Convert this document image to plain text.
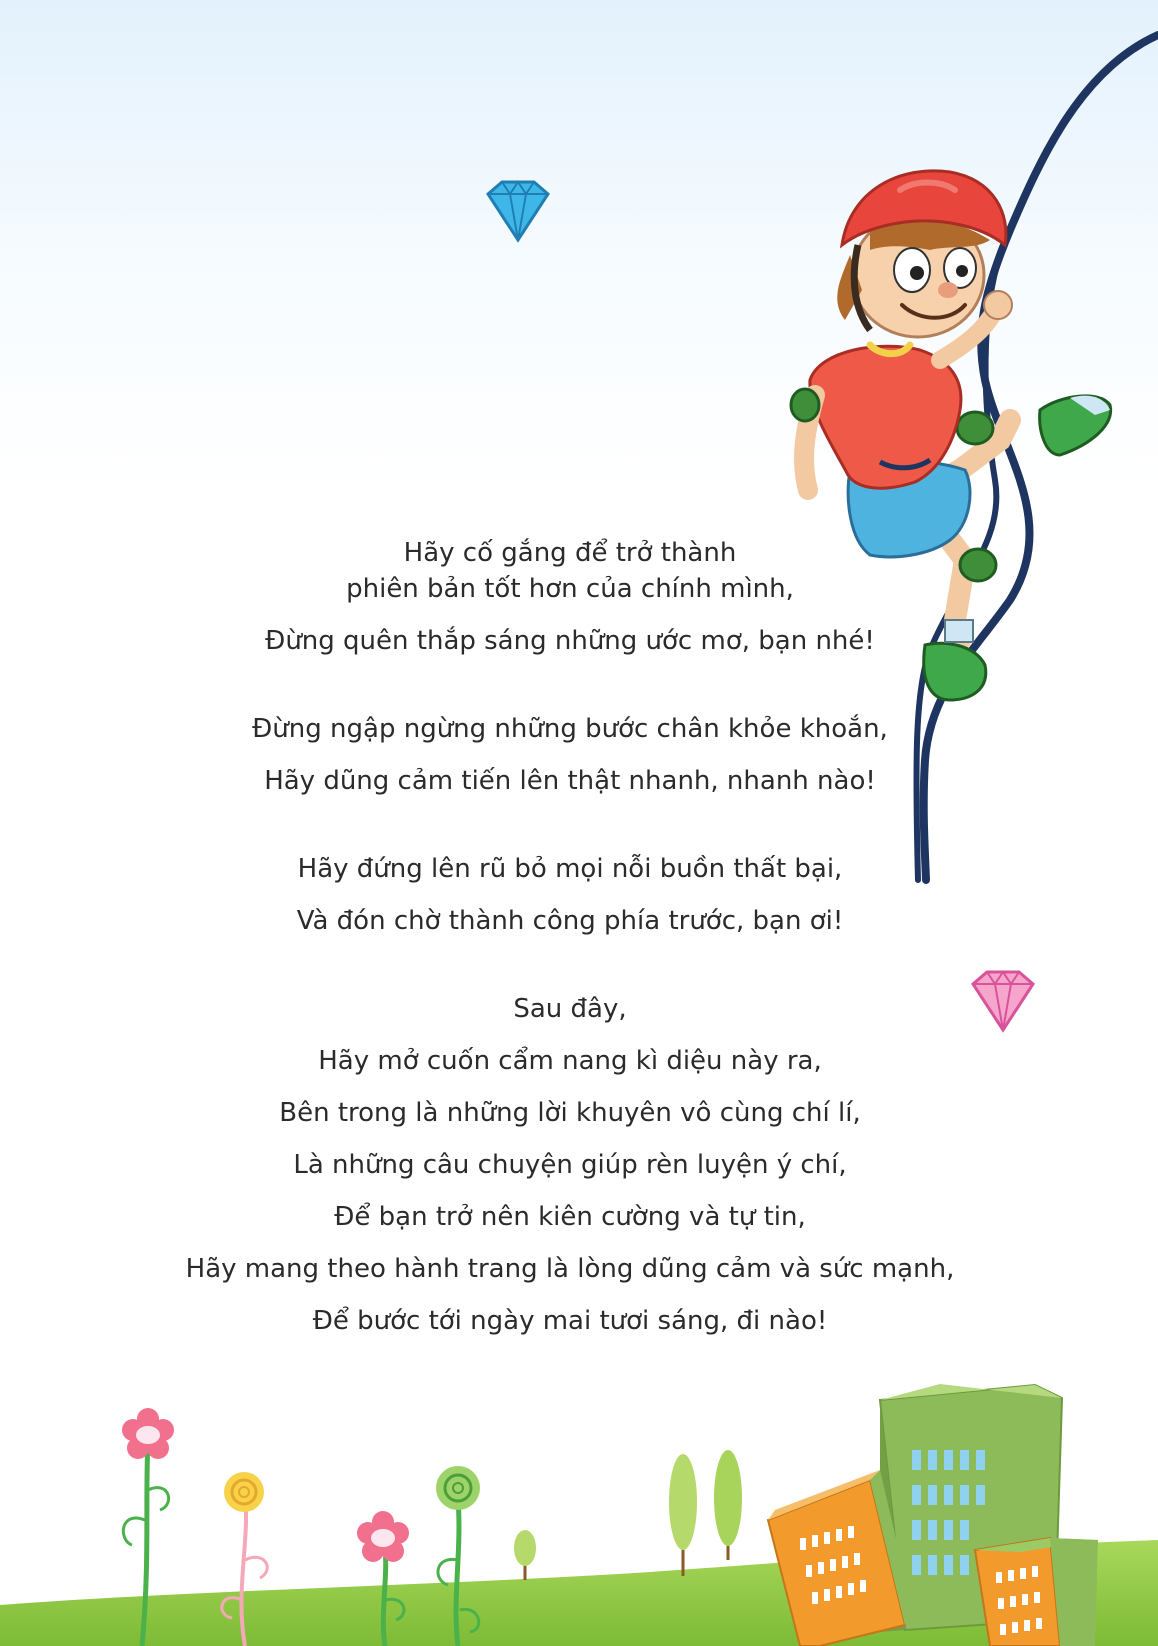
Hãy cố gắng để trở thành
phiên bản tốt hơn của chính mình,
Đừng quên thắp sáng những ước mơ, bạn nhé!
Đừng ngập ngừng những bước chân khỏe khoắn,
Hãy dũng cảm tiến lên thật nhanh, nhanh nào!
Hãy đứng lên rũ bỏ mọi nỗi buồn thất bại,
Và đón chờ thành công phía trước, bạn ơi!
Sau đây,
Hãy mở cuốn cẩm nang kì diệu này ra,
Bên trong là những lời khuyên vô cùng chí lí,
Là những câu chuyện giúp rèn luyện ý chí,
Để bạn trở nên kiên cường và tự tin,
Hãy mang theo hành trang là lòng dũng cảm và sức mạnh,
Để bước tới ngày mai tươi sáng, đi nào!
